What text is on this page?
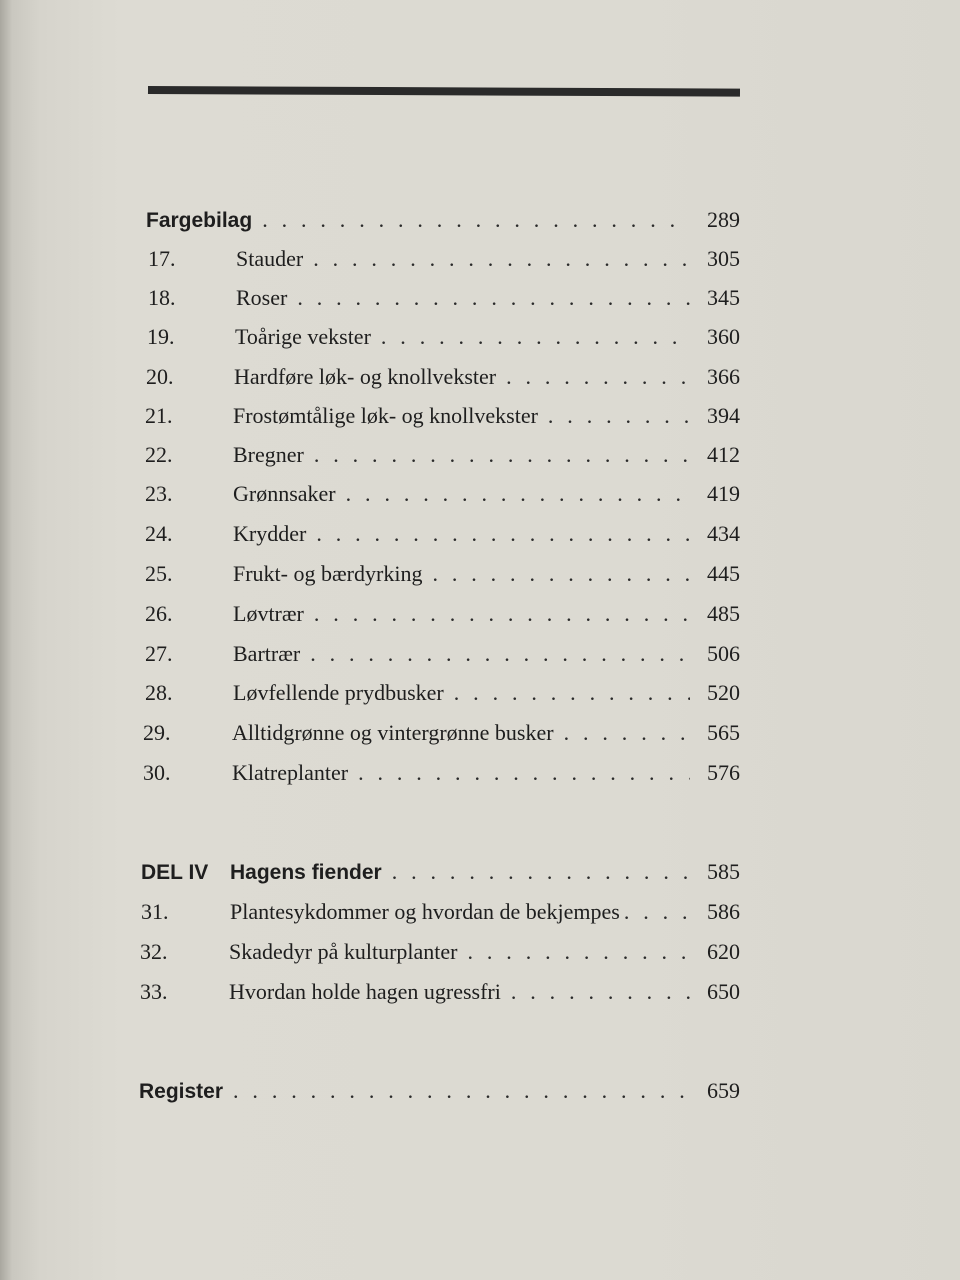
Fargebilag . . .	289
17.	Stauder . . .	305
18.	Roser . . .	345
19.	Toårige vekster . . .	360
20.	Hardføre løk- og knollvekster . . .	366
21.	Frostømtålige løk- og knollvekster . . .	394
22.	Bregner . . .	412
23.	Grønnsaker . . .	419
24.	Krydder . . .	434
25.	Frukt- og bærdyrking . . .	445
26.	Løvtrær . . .	485
27.	Bartrær . . .	506
28.	Løvfellende prydbusker . . .	520
29.	Alltidgrønne og vintergrønne busker . . .	565
30.	Klatreplanter . . .	576
DEL IV	Hagens fiender . . .	585
31.	Plantesykdommer og hvordan de bekjempes . . .	586
32.	Skadedyr på kulturplanter . . .	620
33.	Hvordan holde hagen ugressfri . . .	650
Register . . .	659
